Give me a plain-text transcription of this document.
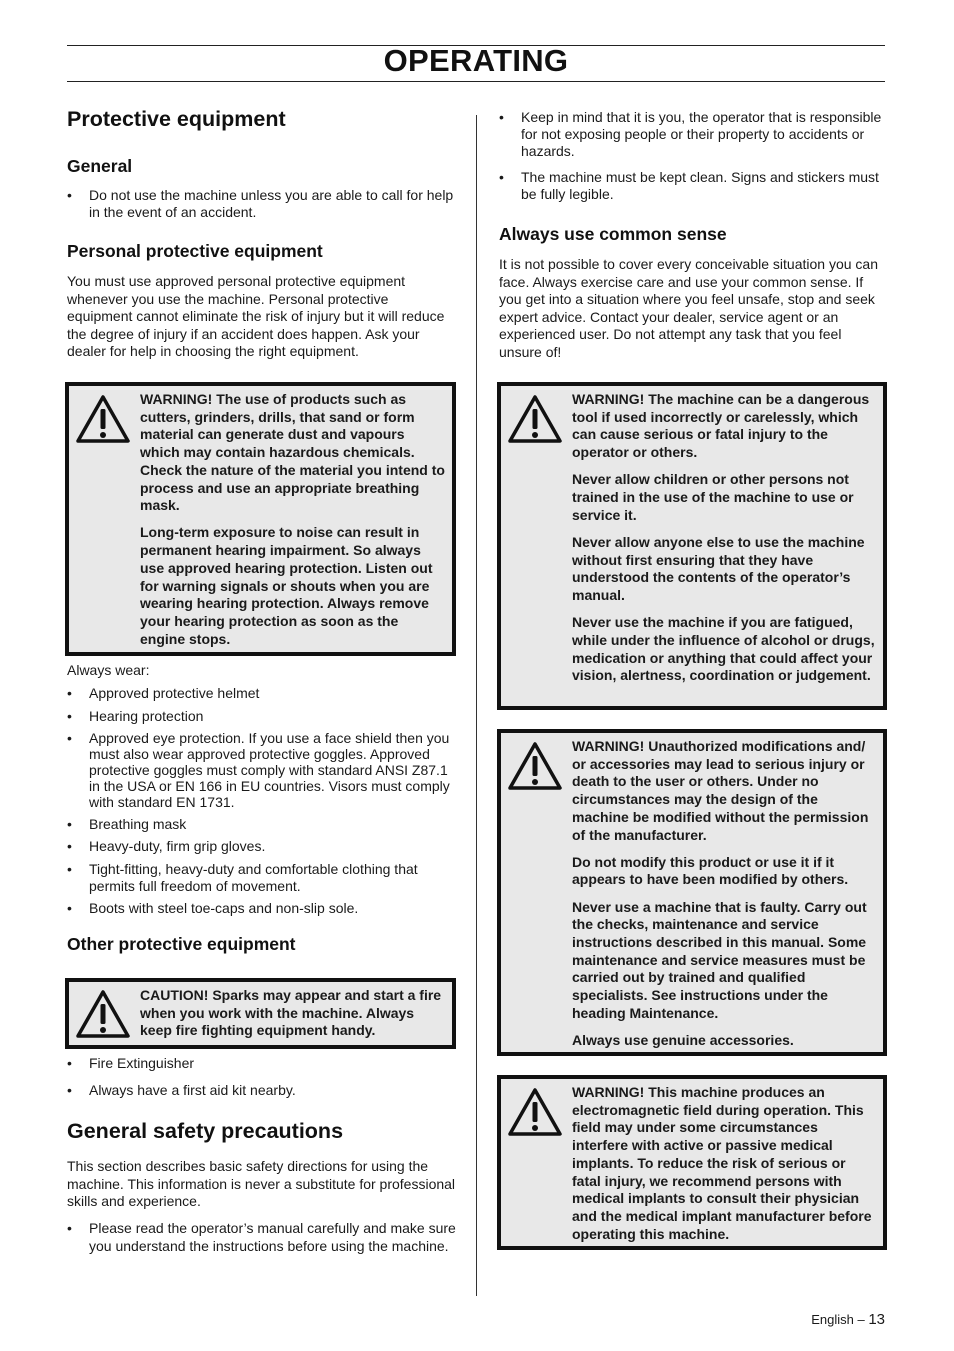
OPERATING
Protective equipment
General
• Do not use the machine unless you are able to call for help in the event of an accident.
Personal protective equipment

You must use approved personal protective equipment whenever you use the machine. Personal protective equipment cannot eliminate the risk of injury but it will reduce the degree of injury if an accident does happen. Ask your dealer for help in choosing the right equipment.

WARNING! The use of products such as cutters, grinders, drills, that sand or form material can generate dust and vapours which may contain hazardous chemicals. Check the nature of the material you intend to process and use an appropriate breathing mask.

Long-term exposure to noise can result in permanent hearing impairment. So always use approved hearing protection. Listen out for warning signals or shouts when you are wearing hearing protection. Always remove your hearing protection as soon as the engine stops.

Always wear:

• Approved protective helmet
• Hearing protection
• Approved eye protection. If you use a face shield then you must also wear approved protective goggles. Approved protective goggles must comply with standard ANSI Z87.1 in the USA or EN 166 in EU countries. Visors must comply with standard EN 1731.
• Breathing mask
• Heavy-duty, firm grip gloves.
• Tight-fitting, heavy-duty and comfortable clothing that permits full freedom of movement.
• Boots with steel toe-caps and non-slip sole.
Other protective equipment

CAUTION! Sparks may appear and start a fire when you work with the machine. Always keep fire fighting equipment handy.

• Fire Extinguisher
• Always have a first aid kit nearby.
General safety precautions

This section describes basic safety directions for using the machine. This information is never a substitute for professional skills and experience.

• Please read the operator’s manual carefully and make sure you understand the instructions before using the machine.
• Keep in mind that it is you, the operator that is responsible for not exposing people or their property to accidents or hazards.
• The machine must be kept clean. Signs and stickers must be fully legible.
Always use common sense

It is not possible to cover every conceivable situation you can face. Always exercise care and use your common sense. If you get into a situation where you feel unsafe, stop and seek expert advice. Contact your dealer, service agent or an experienced user. Do not attempt any task that you feel unsure of!

WARNING! The machine can be a dangerous tool if used incorrectly or carelessly, which can cause serious or fatal injury to the operator or others.

Never allow children or other persons not trained in the use of the machine to use or service it.

Never allow anyone else to use the machine without first ensuring that they have understood the contents of the operator’s manual.

Never use the machine if you are fatigued, while under the influence of alcohol or drugs, medication or anything that could affect your vision, alertness, coordination or judgement.

WARNING! Unauthorized modifications and/ or accessories may lead to serious injury or death to the user or others. Under no circumstances may the design of the machine be modified without the permission of the manufacturer.

Do not modify this product or use it if it appears to have been modified by others.

Never use a machine that is faulty. Carry out the checks, maintenance and service instructions described in this manual. Some maintenance and service measures must be carried out by trained and qualified specialists. See instructions under the heading Maintenance.

Always use genuine accessories.

WARNING! This machine produces an electromagnetic field during operation. This field may under some circumstances interfere with active or passive medical implants. To reduce the risk of serious or fatal injury, we recommend persons with medical implants to consult their physician and the medical implant manufacturer before operating this machine.

English – 13
